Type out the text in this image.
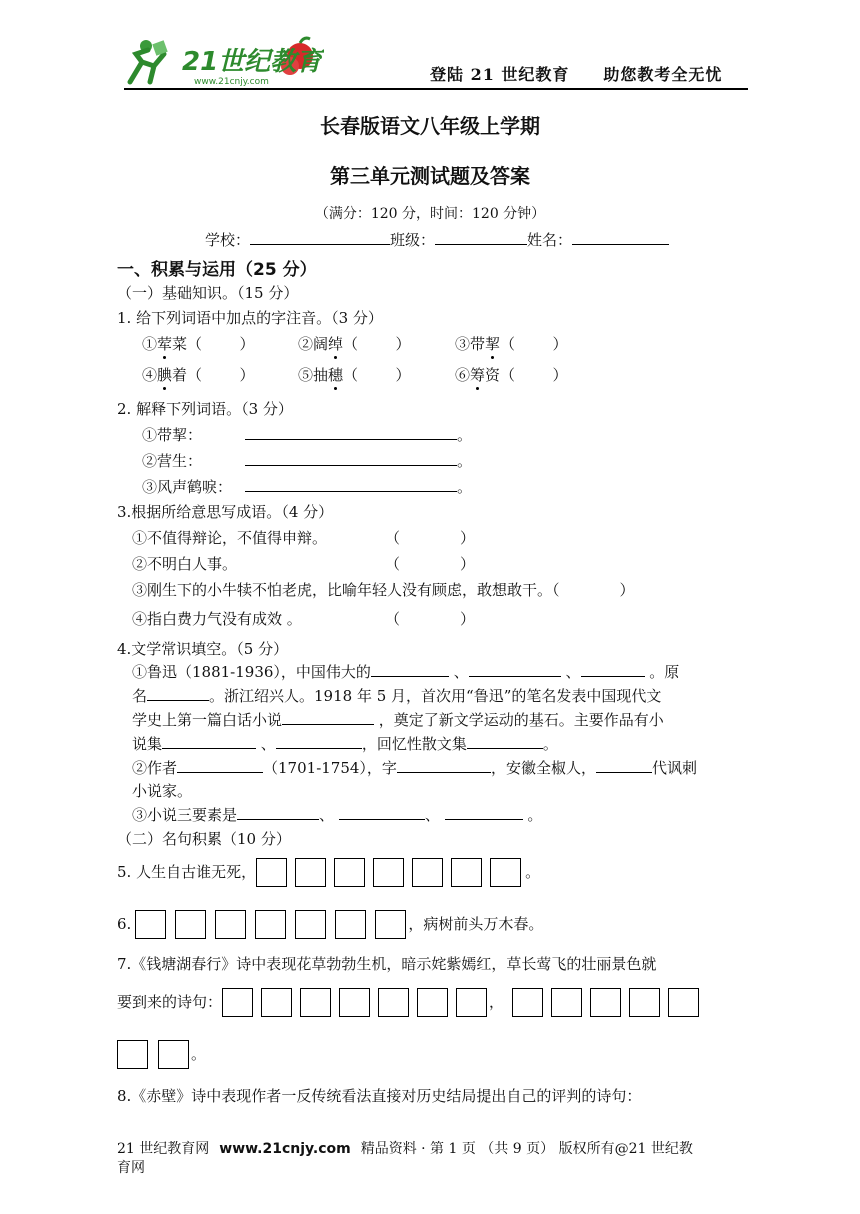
21世纪教育
www.21cnjy.com	登陆 21 世纪教育 助您教考全无忧
长春版语文八年级上学期
第三单元测试题及答案
（满分：120 分，时间：120 分钟）
学校：	班级：	姓名：
一、积累与运用（25 分）
（一）基础知识。（15 分）
1. 给下列词语中加点的字注音。（3 分）
①荤菜（   ）	②阔绰（   ）	③带挈（   ）
④腆着（   ）	⑤抽穗（   ）	⑥筹资（   ）
2. 解释下列词语。（3 分）
①带挈：
②营生：
③风声鹤唳：
。
。
。
3.根据所给意思写成语。（4 分）
①不值得辩论，不值得申辩。	（	）
②不明白人事。	（	）
③刚生下的小牛犊不怕老虎，比喻年轻人没有顾虑，敢想敢干。（	）
④指白费力气没有成效 。	（	）
4.文学常识填空。（5 分）
①鲁迅（1881-1936），中国伟大的	、	、	。原
名	。浙江绍兴人。1918 年 5 月，首次用“鲁迅”的笔名发表中国现代文
学史上第一篇白话小说	，奠定了新文学运动的基石。主要作品有小
说集	、	，回忆性散文集	。
②作者	（1701-1754），字	，安徽全椒人，	代讽刺
小说家。
③小说三要素是	、	、	。
（二）名句积累（10 分）
5. 人生自古谁无死，	。
6.	，病树前头万木春。
7.《钱塘湖春行》诗中表现花草勃勃生机，暗示姹紫嫣红，草长莺飞的壮丽景色就
要到来的诗句：	，
。
8.《赤壁》诗中表现作者一反传统看法直接对历史结局提出自己的评判的诗句：
21 世纪教育网 www.21cnjy.com 精品资料 · 第 1 页 （共 9 页） 版权所有@21 世纪教
育网
